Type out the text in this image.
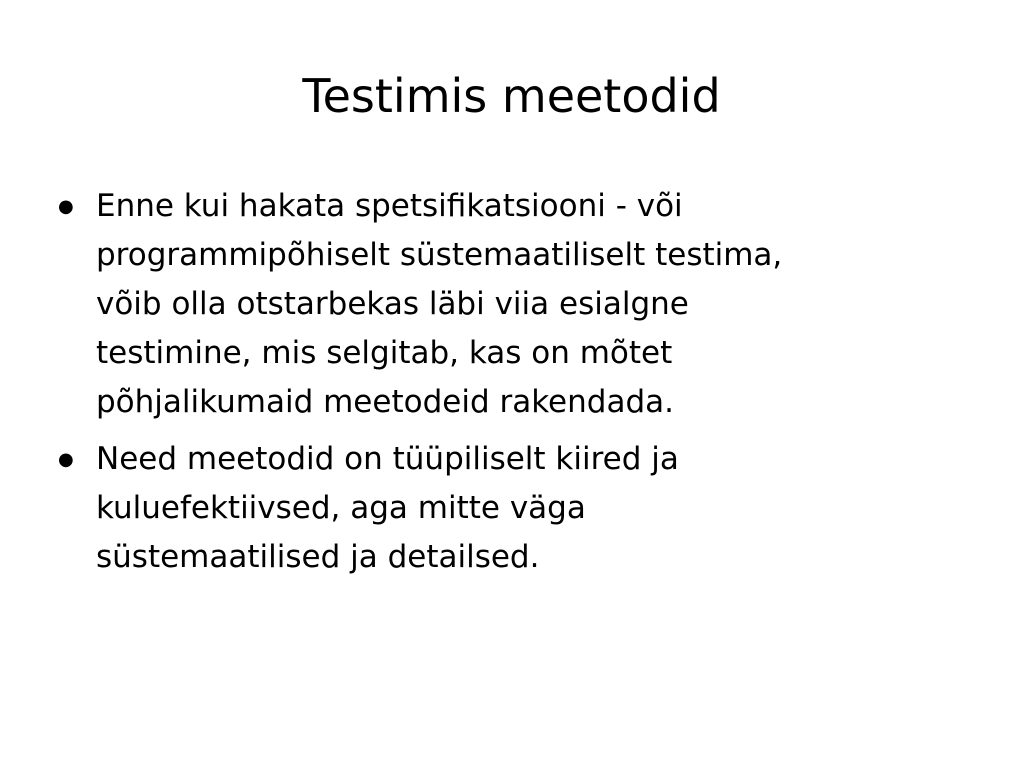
Testimis meetodid
● Enne kui hakata spetsifikatsiooni - või
programmipõhiselt süstemaatiliselt testima,
võib olla otstarbekas läbi viia esialgne
testimine, mis selgitab, kas on mõtet
põhjalikumaid meetodeid rakendada.
● Need meetodid on tüüpiliselt kiired ja
kuluefektiivsed, aga mitte väga
süstemaatilised ja detailsed.
